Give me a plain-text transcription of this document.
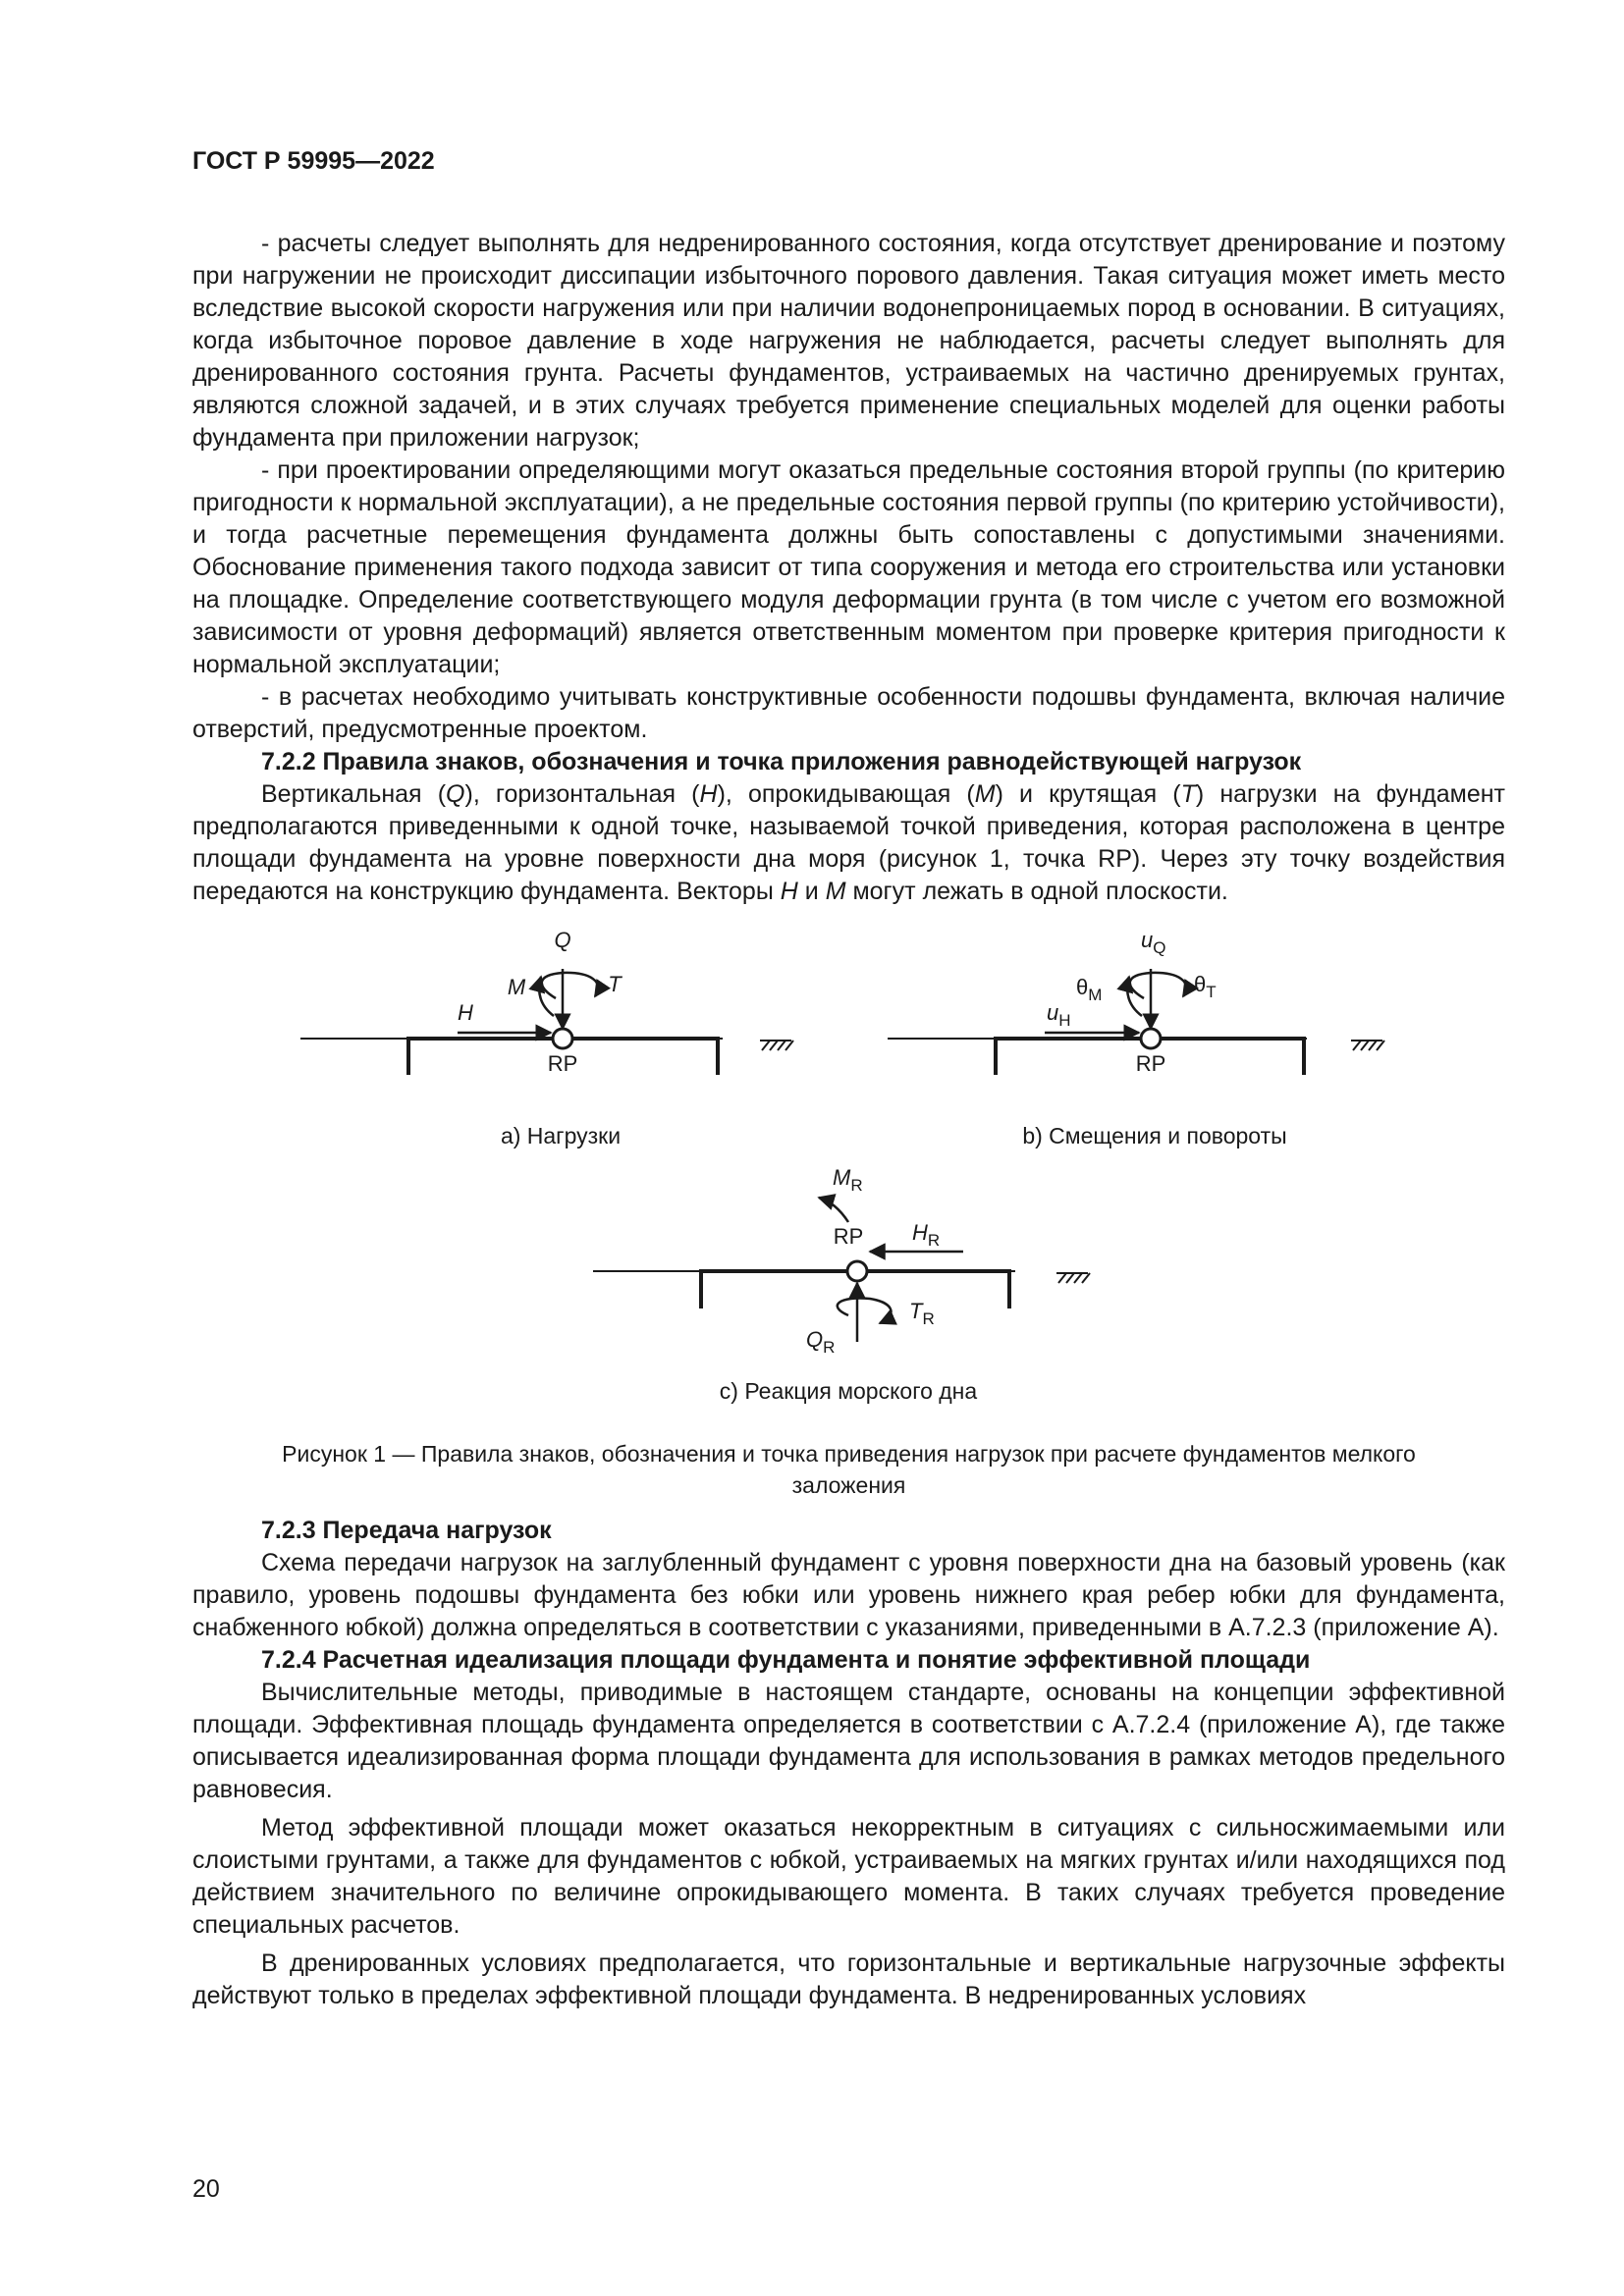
ГОСТ Р 59995—2022

- расчеты следует выполнять для недренированного состояния, когда отсутствует дренирование и поэтому при нагружении не происходит диссипации избыточного порового давления. Такая ситуация может иметь место вследствие высокой скорости нагружения или при наличии водонепроницаемых пород в основании. В ситуациях, когда избыточное поровое давление в ходе нагружения не наблюдается, расчеты следует выполнять для дренированного состояния грунта. Расчеты фундаментов, устраиваемых на частично дренируемых грунтах, являются сложной задачей, и в этих случаях требуется применение специальных моделей для оценки работы фундамента при приложении нагрузок;

- при проектировании определяющими могут оказаться предельные состояния второй группы (по критерию пригодности к нормальной эксплуатации), а не предельные состояния первой группы (по критерию устойчивости), и тогда расчетные перемещения фундамента должны быть сопоставлены с допустимыми значениями. Обоснование применения такого подхода зависит от типа сооружения и метода его строительства или установки на площадке. Определение соответствующего модуля деформации грунта (в том числе с учетом его возможной зависимости от уровня деформаций) является ответственным моментом при проверке критерия пригодности к нормальной эксплуатации;

- в расчетах необходимо учитывать конструктивные особенности подошвы фундамента, включая наличие отверстий, предусмотренные проектом.

7.2.2 Правила знаков, обозначения и точка приложения равнодействующей нагрузок

Вертикальная (Q), горизонтальная (H), опрокидывающая (M) и крутящая (T) нагрузки на фундамент предполагаются приведенными к одной точке, называемой точкой приведения, которая расположена в центре площади фундамента на уровне поверхности дна моря (рисунок 1, точка RP). Через эту точку воздействия передаются на конструкцию фундамента. Векторы H и M могут лежать в одной плоскости.

Q
M	T
H
RP
a) Нагрузки
$u_Q$
$\theta_M$	$\theta_T$
$u_H$
RP
b) Смещения и повороты
$M_R$
$H_R$
$T_R$
$Q_R$
RP
c) Реакция морского дна
Рисунок 1 — Правила знаков, обозначения и точка приведения нагрузок при расчете фундаментов мелкого заложения
7.2.3 Передача нагрузок

Схема передачи нагрузок на заглубленный фундамент с уровня поверхности дна на базовый уровень (как правило, уровень подошвы фундамента без юбки или уровень нижнего края ребер юбки для фундамента, снабженного юбкой) должна определяться в соответствии с указаниями, приведенными в А.7.2.3 (приложение А).

7.2.4 Расчетная идеализация площади фундамента и понятие эффективной площади

Вычислительные методы, приводимые в настоящем стандарте, основаны на концепции эффективной площади. Эффективная площадь фундамента определяется в соответствии с А.7.2.4 (приложение А), где также описывается идеализированная форма площади фундамента для использования в рамках методов предельного равновесия.

Метод эффективной площади может оказаться некорректным в ситуациях с сильносжимаемыми или слоистыми грунтами, а также для фундаментов с юбкой, устраиваемых на мягких грунтах и/или находящихся под действием значительного по величине опрокидывающего момента. В таких случаях требуется проведение специальных расчетов.

В дренированных условиях предполагается, что горизонтальные и вертикальные нагрузочные эффекты действуют только в пределах эффективной площади фундамента. В недренированных условиях

20
